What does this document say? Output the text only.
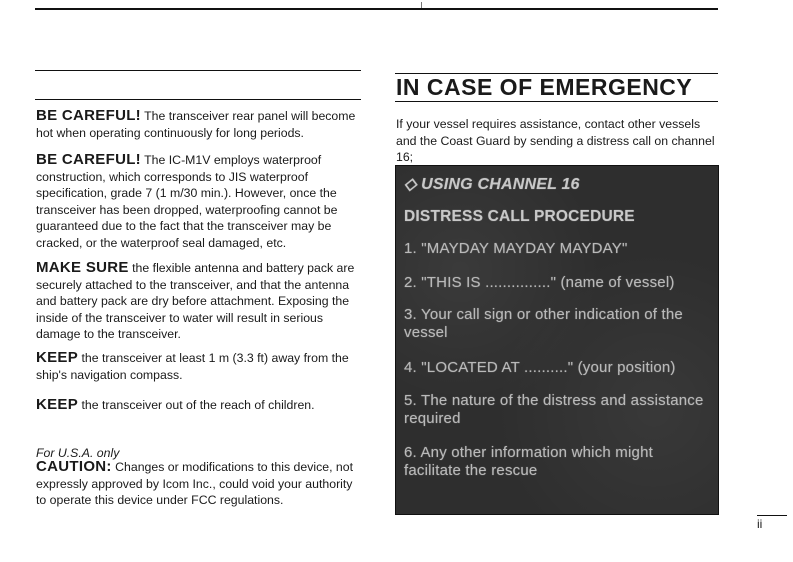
BE CAREFUL! The transceiver rear panel will become hot when operating continuously for long periods.
BE CAREFUL! The IC-M1V employs waterproof construction, which corresponds to JIS waterproof specification, grade 7 (1 m/30 min.). However, once the transceiver has been dropped, waterproofing cannot be guaranteed due to the fact that the transceiver may be cracked, or the waterproof seal damaged, etc.
MAKE SURE the flexible antenna and battery pack are securely attached to the transceiver, and that the antenna and battery pack are dry before attachment. Exposing the inside of the transceiver to water will result in serious damage to the transceiver.
KEEP the transceiver at least 1 m (3.3 ft) away from the ship's navigation compass.
KEEP the transceiver out of the reach of children.
For U.S.A. only
CAUTION: Changes or modifications to this device, not expressly approved by Icom Inc., could void your authority to operate this device under FCC regulations.
IN CASE OF EMERGENCY
If your vessel requires assistance, contact other vessels and the Coast Guard by sending a distress call on channel 16;
◇ USING CHANNEL 16
DISTRESS CALL PROCEDURE
1. "MAYDAY MAYDAY MAYDAY"
2. "THIS IS ..............." (name of vessel)
3. Your call sign or other indication of the vessel
4. "LOCATED AT .........." (your position)
5. The nature of the distress and assistance required
6. Any other information which might facilitate the rescue
ii
